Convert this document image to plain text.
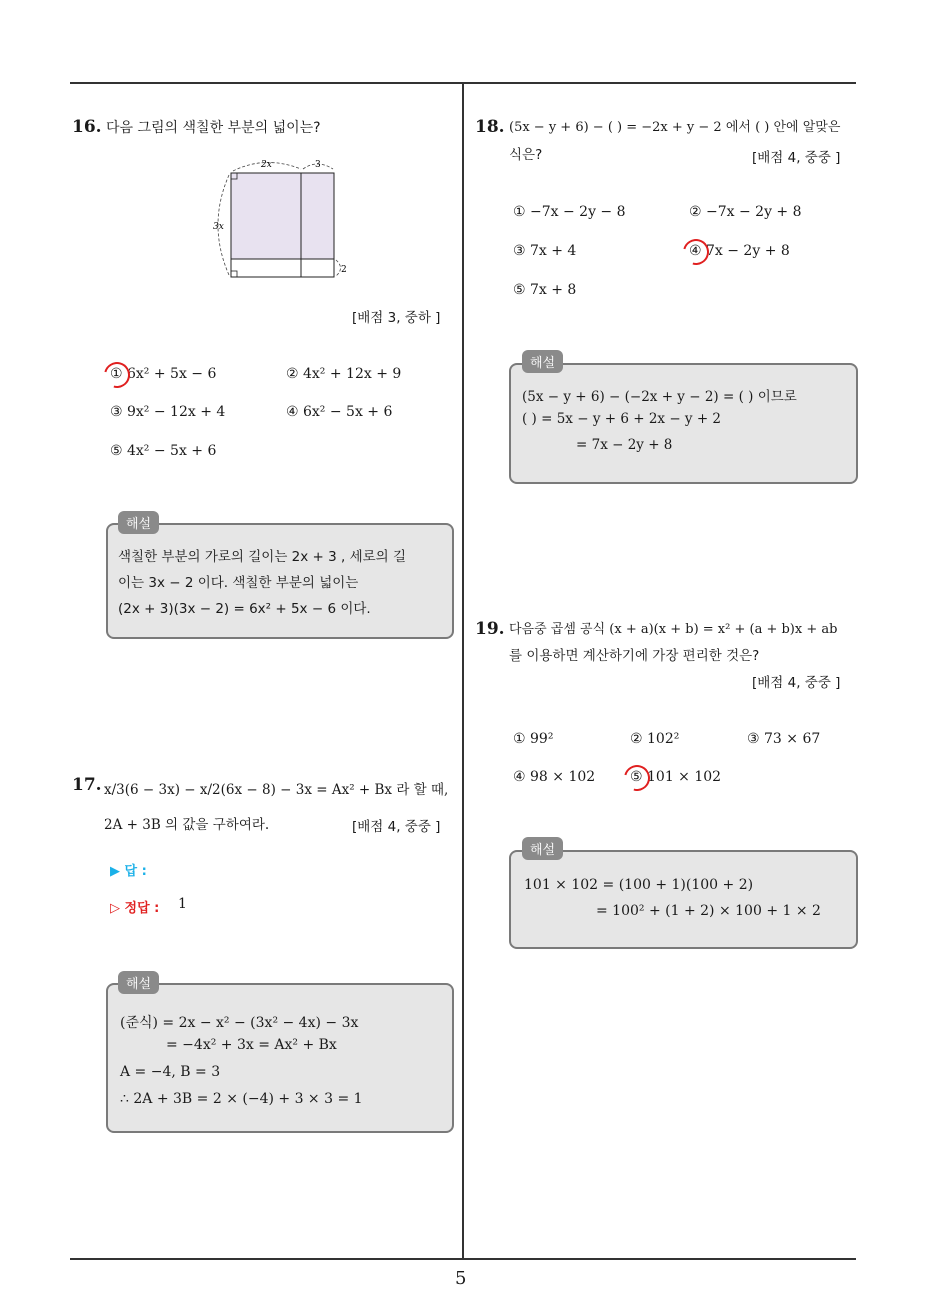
5
16. 다음 그림의 색칠한 부분의 넓이는?
2x	3
3x
2
[배점 3, 중하 ]
① 6x² + 5x − 6	② 4x² + 12x + 9
③ 9x² − 12x + 4	④ 6x² − 5x + 6
⑤ 4x² − 5x + 6
해설
색칠한 부분의 가로의 길이는 2x + 3 , 세로의 길
이는 3x − 2 이다. 색칠한 부분의 넓이는
(2x + 3)(3x − 2) = 6x² + 5x − 6 이다.
17. x/3(6 − 3x) − x/2(6x − 8) − 3x = Ax² + Bx 라 할 때,
2A + 3B 의 값을 구하여라.	[배점 4, 중중 ]
▶ 답 :
▷ 정답 : 1
해설
(준식) = 2x − x² − (3x² − 4x) − 3x
= −4x² + 3x = Ax² + Bx
A = −4, B = 3
∴ 2A + 3B = 2 × (−4) + 3 × 3 = 1
18. (5x − y + 6) − ( ) = −2x + y − 2 에서 ( ) 안에 알맞은
식은?	[배점 4, 중중 ]
① −7x − 2y − 8	② −7x − 2y + 8
③ 7x + 4	④ 7x − 2y + 8
⑤ 7x + 8
해설
(5x − y + 6) − (−2x + y − 2) = ( ) 이므로
( ) = 5x − y + 6 + 2x − y + 2
= 7x − 2y + 8
19. 다음중 곱셈 공식 (x + a)(x + b) = x² + (a + b)x + ab
를 이용하면 계산하기에 가장 편리한 것은?
[배점 4, 중중 ]
① 99²	② 102²	③ 73 × 67
④ 98 × 102 ⑤ 101 × 102
해설
101 × 102 = (100 + 1)(100 + 2)
= 100² + (1 + 2) × 100 + 1 × 2
